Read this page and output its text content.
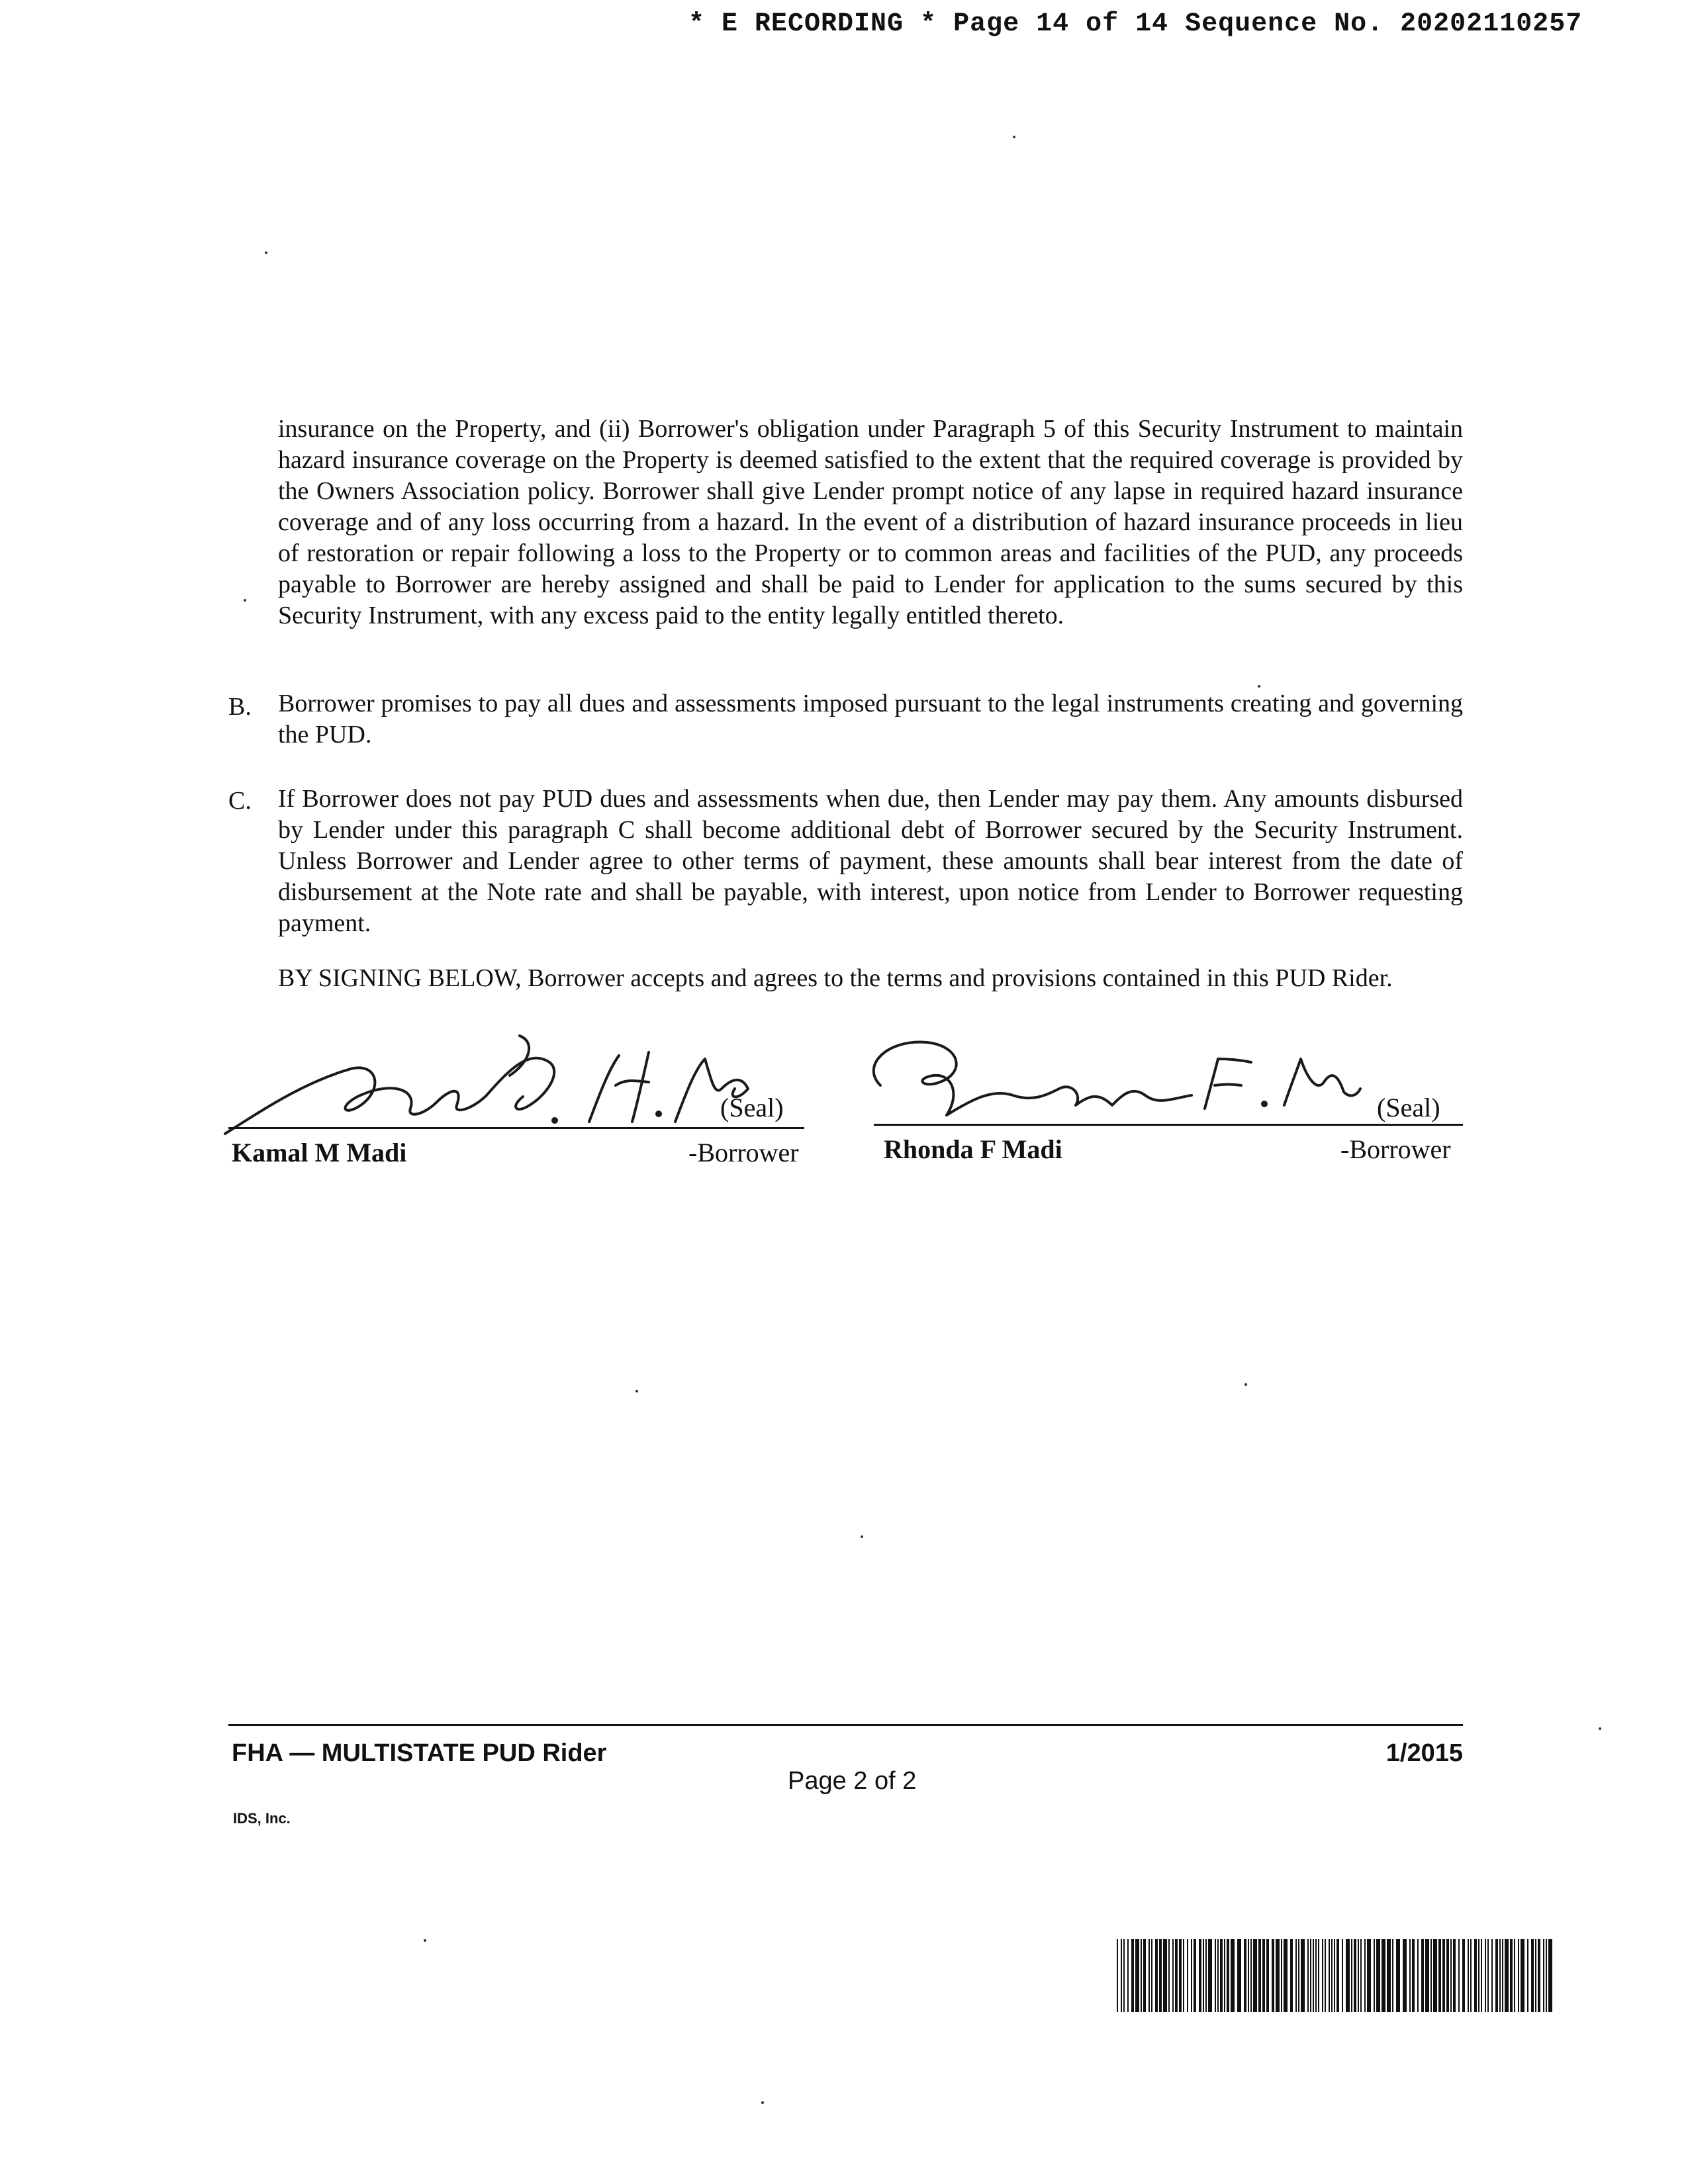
* E RECORDING * Page 14 of 14 Sequence No. 20202110257
insurance on the Property, and (ii) Borrower's obligation under Paragraph 5 of this Security Instrument to maintain hazard insurance coverage on the Property is deemed satisfied to the extent that the required coverage is provided by the Owners Association policy. Borrower shall give Lender prompt notice of any lapse in required hazard insurance coverage and of any loss occurring from a hazard. In the event of a distribution of hazard insurance proceeds in lieu of restoration or repair following a loss to the Property or to common areas and facilities of the PUD, any proceeds payable to Borrower are hereby assigned and shall be paid to Lender for application to the sums secured by this Security Instrument, with any excess paid to the entity legally entitled thereto.
B. Borrower promises to pay all dues and assessments imposed pursuant to the legal instruments creating and governing the PUD.
C. If Borrower does not pay PUD dues and assessments when due, then Lender may pay them. Any amounts disbursed by Lender under this paragraph C shall become additional debt of Borrower secured by the Security Instrument. Unless Borrower and Lender agree to other terms of payment, these amounts shall bear interest from the date of disbursement at the Note rate and shall be payable, with interest, upon notice from Lender to Borrower requesting payment.
BY SIGNING BELOW, Borrower accepts and agrees to the terms and provisions contained in this PUD Rider.
(Seal)
Kamal M Madi	-Borrower
(Seal)
Rhonda F Madi	-Borrower
FHA — MULTISTATE PUD Rider
Page 2 of 2
1/2015
IDS, Inc.
